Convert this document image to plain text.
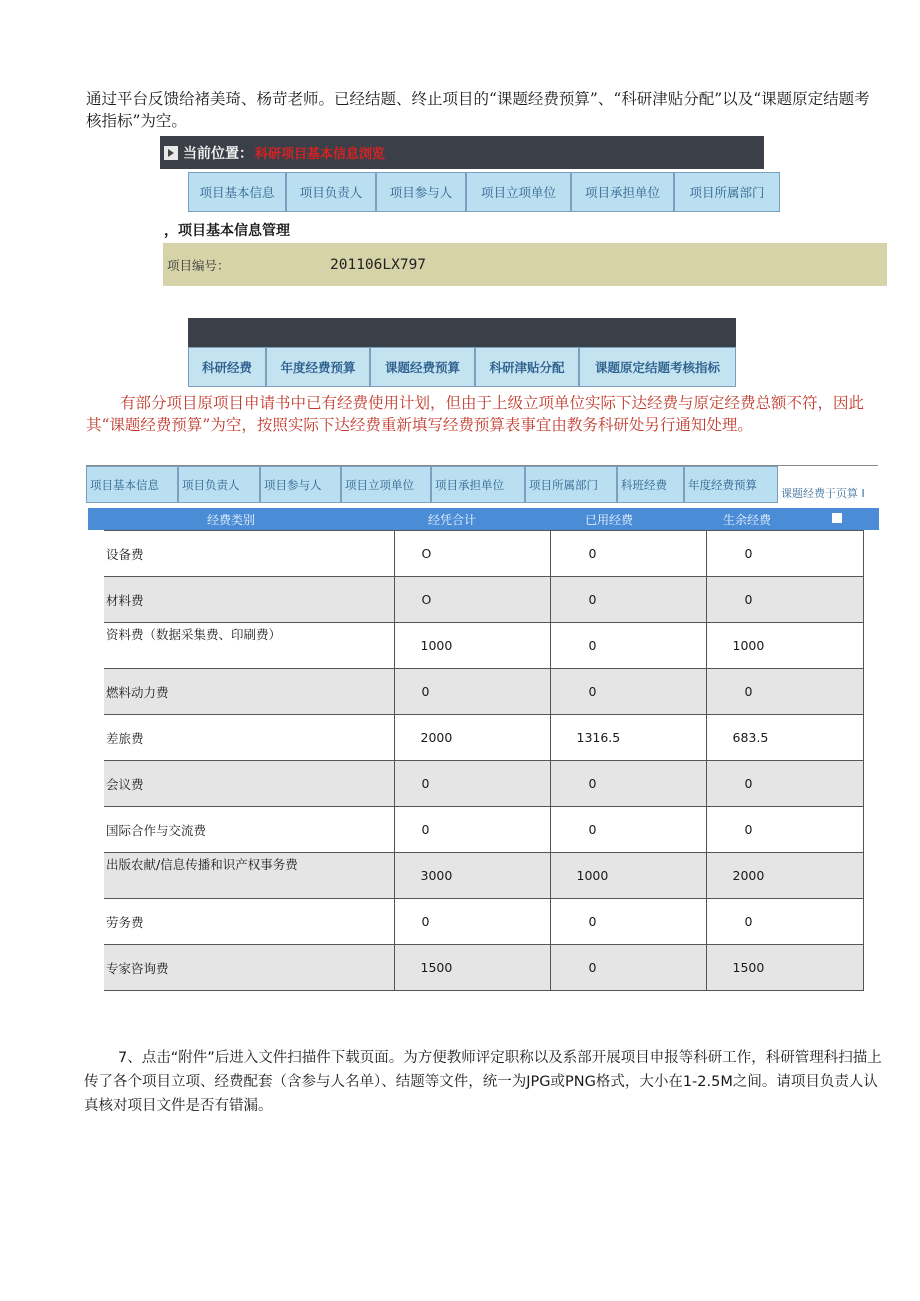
通过平台反馈给褚美琦、杨苛老师。已经结题、终止项目的“课题经费预算”、“科研津贴分配”以及“课题原定结题考核指标”为空。
当前位置： 科研项目基本信息浏览
项目基本信息	项目负责人	项目参与人	项目立项单位	项目承担单位	项目所属部门
，项目基本信息管理
项目编号：	201106LX797
科研经费	年度经费预算	课题经费预算	科研津贴分配	课题原定结题考核指标
有部分项目原项目申请书中已有经费使用计划，但由于上级立项单位实际下达经费与原定经费总额不符，因此其“课题经费预算”为空，按照实际下达经费重新填写经费预算表事宜由教务科研处另行通知处理。
项目基本信息	项目负责人	项目参与人	项目立项单位	项目承担单位	项目所属部门	科班经费	年度经费预算
课题经费于页算 I
经费类别	经凭合计	已用经费	生余经费
设备费	O	0	0
材料费	O	0	0
资料费（数据采集费、印刷费）	1000	0	1000
燃料动力费	0	0	0
差旅费	2000	1316.5	683.5
会议费	0	0	0
国际合作与交流费	0	0	0
出版农献/信息传播和识产权事务费	3000	1000	2000
劳务费	0	0	0
专家咨询费	1500	0	1500
7、点击“附件”后进入文件扫描件下载页面。为方便教师评定职称以及系部开展项目申报等科研工作，科研管理科扫描上传了各个项目立项、经费配套（含参与人名单）、结题等文件，统一为JPG或PNG格式，大小在1-2.5M之间。请项目负责人认真核对项目文件是否有错漏。
